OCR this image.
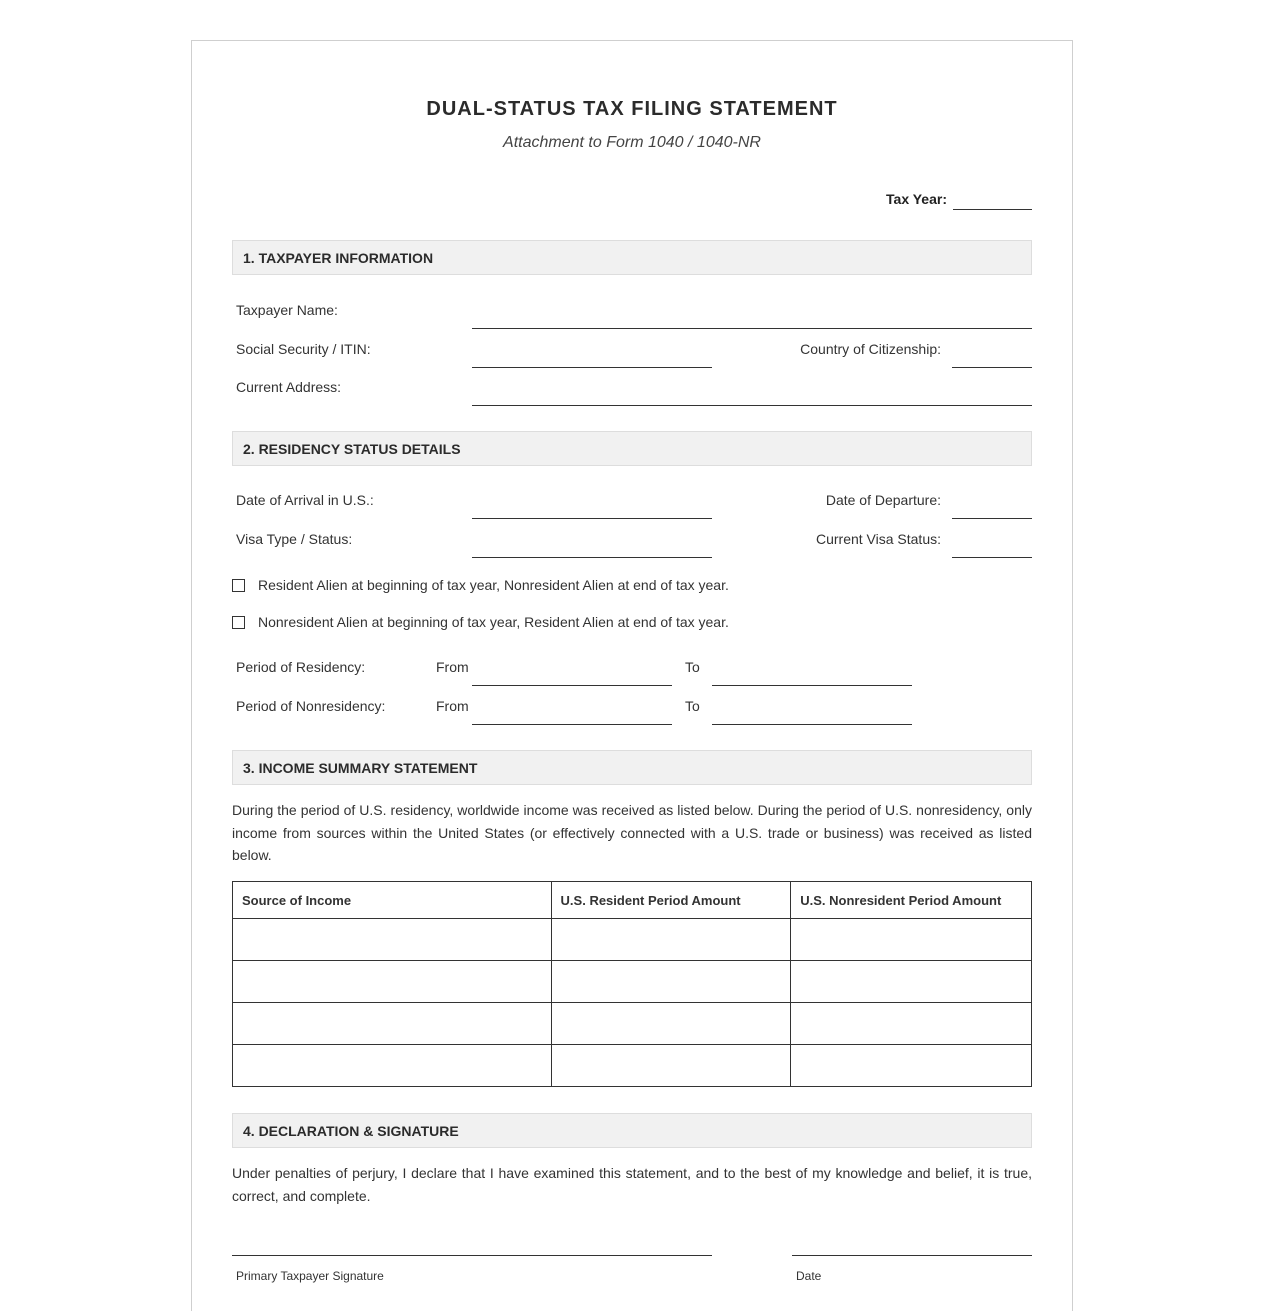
DUAL-STATUS TAX FILING STATEMENT
Attachment to Form 1040 / 1040-NR
Tax Year:
1. TAXPAYER INFORMATION
Taxpayer Name:
Social Security / ITIN:	Country of Citizenship:
Current Address:
2. RESIDENCY STATUS DETAILS
Date of Arrival in U.S.:	Date of Departure:
Visa Type / Status:	Current Visa Status:
Resident Alien at beginning of tax year, Nonresident Alien at end of tax year.
Nonresident Alien at beginning of tax year, Resident Alien at end of tax year.
Period of Residency:	From	To
Period of Nonresidency:	From	To
3. INCOME SUMMARY STATEMENT
During the period of U.S. residency, worldwide income was received as listed below. During the period of U.S. nonresidency, only income from sources within the United States (or effectively connected with a U.S. trade or business) was received as listed below.
Source of Income	U.S. Resident Period Amount	U.S. Nonresident Period Amount

4. DECLARATION & SIGNATURE
Under penalties of perjury, I declare that I have examined this statement, and to the best of my knowledge and belief, it is true, correct, and complete.
Primary Taxpayer Signature	Date
